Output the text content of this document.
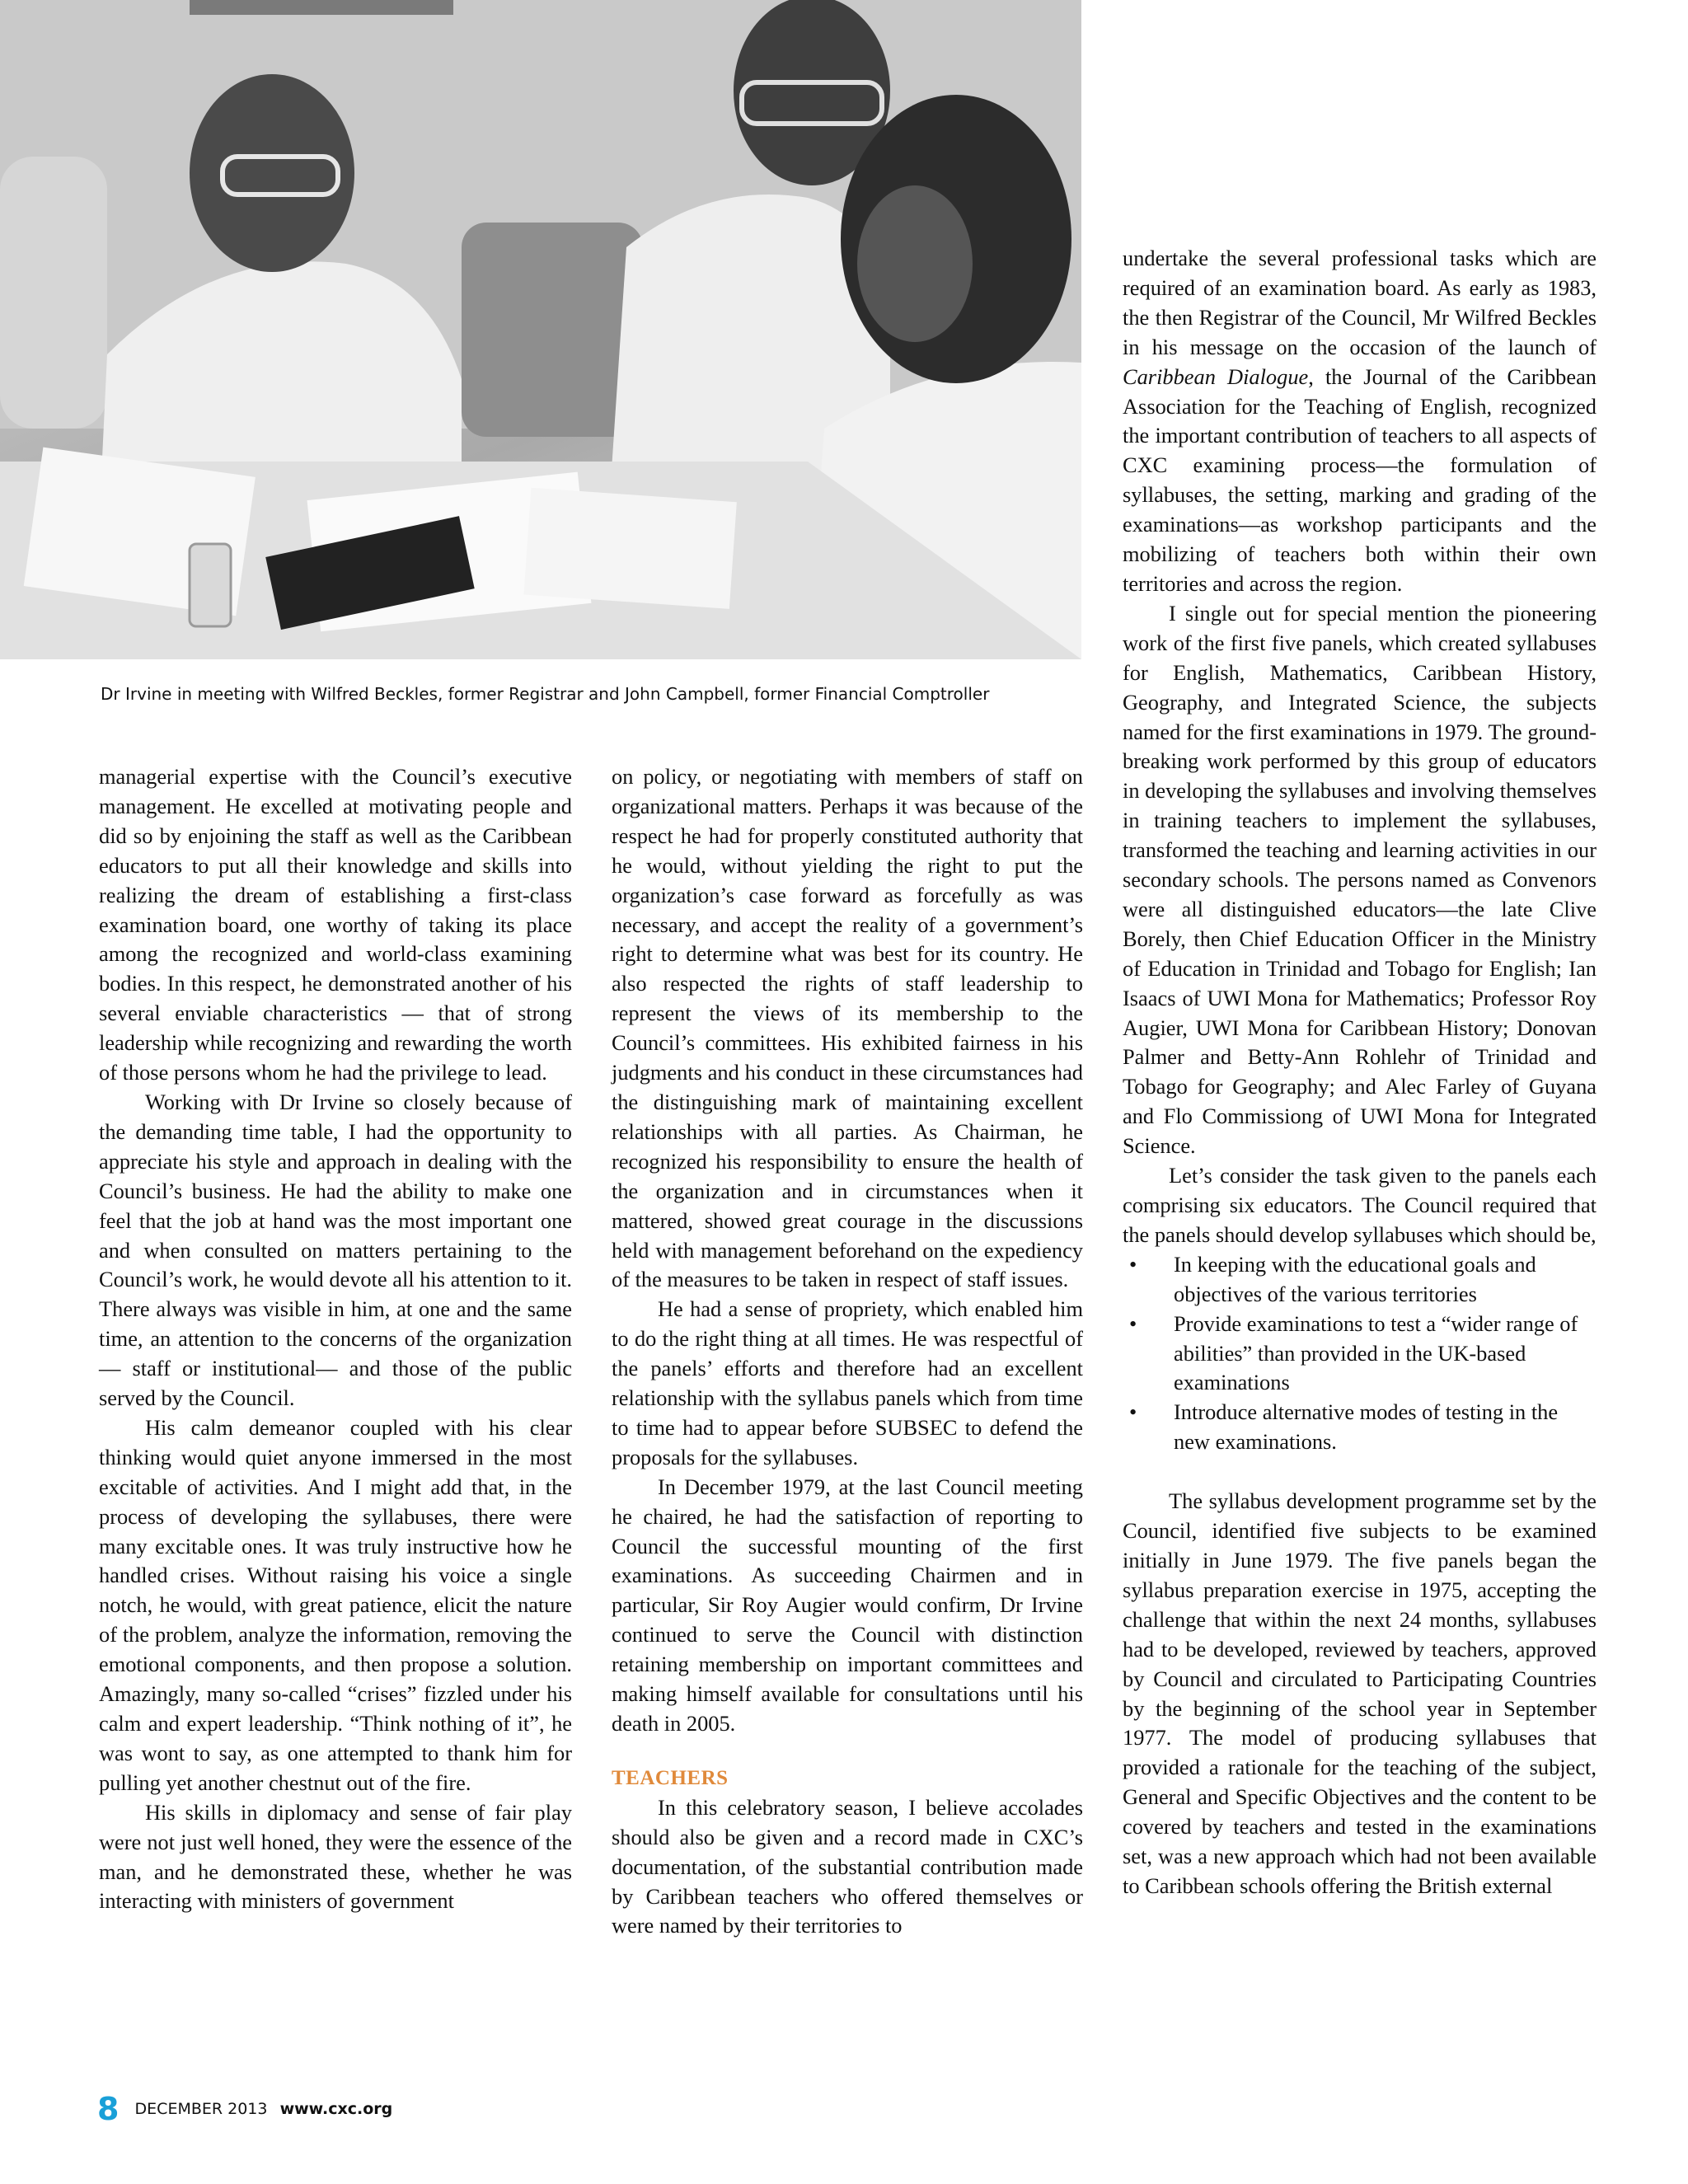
Dr Irvine in meeting with Wilfred Beckles, former Registrar and John Campbell, former Financial Comptroller

managerial expertise with the Council’s executive management. He excelled at motivating people and did so by enjoining the staff as well as the Caribbean educators to put all their knowledge and skills into realizing the dream of establishing a first-class examination board, one worthy of taking its place among the recognized and world-class examining bodies. In this respect, he demonstrated another of his several enviable characteristics — that of strong leadership while recognizing and rewarding the worth of those persons whom he had the privilege to lead.

Working with Dr Irvine so closely because of the demanding time table, I had the opportunity to appreciate his style and approach in dealing with the Council’s business. He had the ability to make one feel that the job at hand was the most important one and when consulted on matters pertaining to the Council’s work, he would devote all his attention to it. There always was visible in him, at one and the same time, an attention to the concerns of the organization— staff or institutional— and those of the public served by the Council.

His calm demeanor coupled with his clear thinking would quiet anyone immersed in the most excitable of activities. And I might add that, in the process of developing the syllabuses, there were many excitable ones. It was truly instructive how he handled crises. Without raising his voice a single notch, he would, with great patience, elicit the nature of the problem, analyze the information, removing the emotional components, and then propose a solution. Amazingly, many so-called “crises” fizzled under his calm and expert leadership. “Think nothing of it”, he was wont to say, as one attempted to thank him for pulling yet another chestnut out of the fire.

His skills in diplomacy and sense of fair play were not just well honed, they were the essence of the man, and he demonstrated these, whether he was interacting with ministers of government

on policy, or negotiating with members of staff on organizational matters. Perhaps it was because of the respect he had for properly constituted authority that he would, without yielding the right to put the organization’s case forward as forcefully as was necessary, and accept the reality of a government’s right to determine what was best for its country. He also respected the rights of staff leadership to represent the views of its membership to the Council’s committees. His exhibited fairness in his judgments and his conduct in these circumstances had the distinguishing mark of maintaining excellent relationships with all parties. As Chairman, he recognized his responsibility to ensure the health of the organization and in circumstances when it mattered, showed great courage in the discussions held with management beforehand on the expediency of the measures to be taken in respect of staff issues.

He had a sense of propriety, which enabled him to do the right thing at all times. He was respectful of the panels’ efforts and therefore had an excellent relationship with the syllabus panels which from time to time had to appear before SUBSEC to defend the proposals for the syllabuses.

In December 1979, at the last Council meeting he chaired, he had the satisfaction of reporting to Council the successful mounting of the first examinations. As succeeding Chairmen and in particular, Sir Roy Augier would confirm, Dr Irvine continued to serve the Council with distinction retaining membership on important committees and making himself available for consultations until his death in 2005.

TEACHERS

In this celebratory season, I believe accolades should also be given and a record made in CXC’s documentation, of the substantial contribution made by Caribbean teachers who offered themselves or were named by their territories to

undertake the several professional tasks which are required of an examination board. As early as 1983, the then Registrar of the Council, Mr Wilfred Beckles in his message on the occasion of the launch of Caribbean Dialogue, the Journal of the Caribbean Association for the Teaching of English, recognized the important contribution of teachers to all aspects of CXC examining process—the formulation of syllabuses, the setting, marking and grading of the examinations—as workshop participants and the mobilizing of teachers both within their own territories and across the region.

I single out for special mention the pioneering work of the first five panels, which created syllabuses for English, Mathematics, Caribbean History, Geography, and Integrated Science, the subjects named for the first examinations in 1979. The ground-breaking work performed by this group of educators in developing the syllabuses and involving themselves in training teachers to implement the syllabuses, transformed the teaching and learning activities in our secondary schools. The persons named as Convenors were all distinguished educators—the late Clive Borely, then Chief Education Officer in the Ministry of Education in Trinidad and Tobago for English; Ian Isaacs of UWI Mona for Mathematics; Professor Roy Augier, UWI Mona for Caribbean History; Donovan Palmer and Betty-Ann Rohlehr of Trinidad and Tobago for Geography; and Alec Farley of Guyana and Flo Commissiong of UWI Mona for Integrated Science.

Let’s consider the task given to the panels each comprising six educators. The Council required that the panels should develop syllabuses which should be,

• In keeping with the educational goals and objectives of the various territories
• Provide examinations to test a “wider range of abilities” than provided in the UK-based examinations
• Introduce alternative modes of testing in the new examinations.

The syllabus development programme set by the Council, identified five subjects to be examined initially in June 1979. The five panels began the syllabus preparation exercise in 1975, accepting the challenge that within the next 24 months, syllabuses had to be developed, reviewed by teachers, approved by Council and circulated to Participating Countries by the beginning of the school year in September 1977. The model of producing syllabuses that provided a rationale for the teaching of the subject, General and Specific Objectives and the content to be covered by teachers and tested in the examinations set, was a new approach which had not been available to Caribbean schools offering the British external

8 DECEMBER 2013 www.cxc.org
